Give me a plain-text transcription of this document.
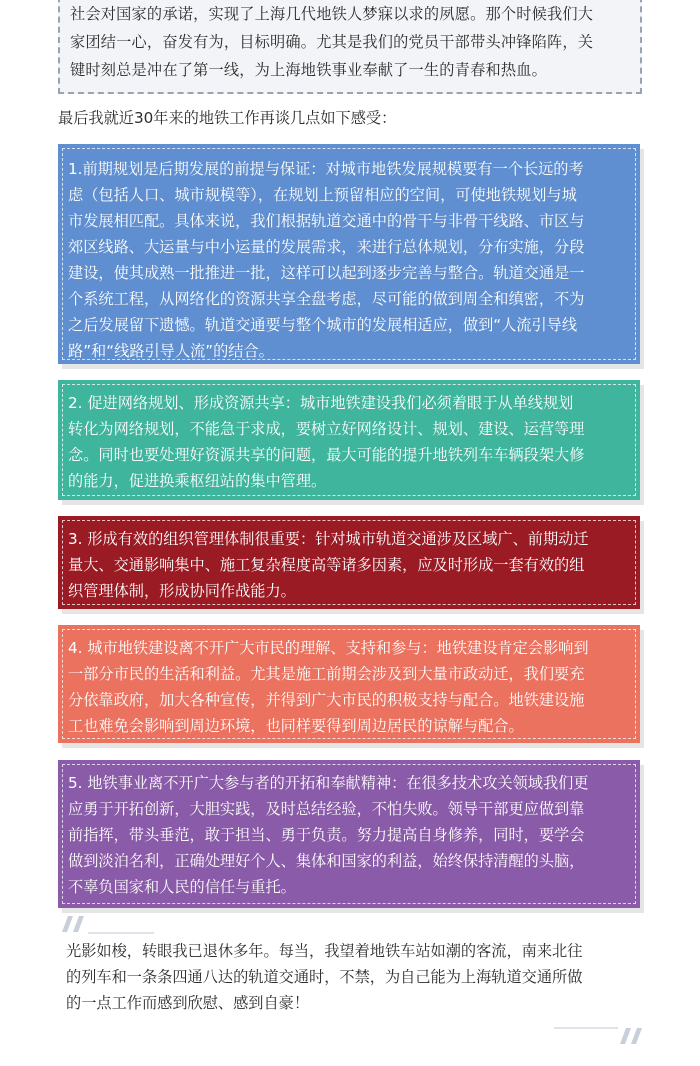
社会对国家的承诺，实现了上海几代地铁人梦寐以求的夙愿。那个时候我们大

家团结一心，奋发有为，目标明确。尤其是我们的党员干部带头冲锋陷阵，关

键时刻总是冲在了第一线，为上海地铁事业奉献了一生的青春和热血。

最后我就近30年来的地铁工作再谈几点如下感受：

1.前期规划是后期发展的前提与保证：对城市地铁发展规模要有一个长远的考

虑（包括人口、城市规模等），在规划上预留相应的空间，可使地铁规划与城

市发展相匹配。具体来说，我们根据轨道交通中的骨干与非骨干线路、市区与

郊区线路、大运量与中小运量的发展需求，来进行总体规划，分布实施，分段

建设，使其成熟一批推进一批，这样可以起到逐步完善与整合。轨道交通是一

个系统工程，从网络化的资源共享全盘考虑，尽可能的做到周全和缜密，不为

之后发展留下遗憾。轨道交通要与整个城市的发展相适应，做到“人流引导线

路”和“线路引导人流”的结合。

2. 促进网络规划、形成资源共享：城市地铁建设我们必须着眼于从单线规划

转化为网络规划，不能急于求成，要树立好网络设计、规划、建设、运营等理

念。同时也要处理好资源共享的问题，最大可能的提升地铁列车车辆段架大修

的能力，促进换乘枢纽站的集中管理。

3. 形成有效的组织管理体制很重要：针对城市轨道交通涉及区域广、前期动迁

量大、交通影响集中、施工复杂程度高等诸多因素，应及时形成一套有效的组

织管理体制，形成协同作战能力。

4. 城市地铁建设离不开广大市民的理解、支持和参与：地铁建设肯定会影响到

一部分市民的生活和利益。尤其是施工前期会涉及到大量市政动迁，我们要充

分依靠政府，加大各种宣传，并得到广大市民的积极支持与配合。地铁建设施

工也难免会影响到周边环境，也同样要得到周边居民的谅解与配合。

5. 地铁事业离不开广大参与者的开拓和奉献精神：在很多技术攻关领域我们更

应勇于开拓创新，大胆实践，及时总结经验，不怕失败。领导干部更应做到靠

前指挥，带头垂范，敢于担当、勇于负责。努力提高自身修养，同时，要学会

做到淡泊名利，正确处理好个人、集体和国家的利益，始终保持清醒的头脑，

不辜负国家和人民的信任与重托。

光影如梭，转眼我已退休多年。每当，我望着地铁车站如潮的客流，南来北往
的列车和一条条四通八达的轨道交通时，不禁，为自己能为上海轨道交通所做
的一点工作而感到欣慰、感到自豪！
